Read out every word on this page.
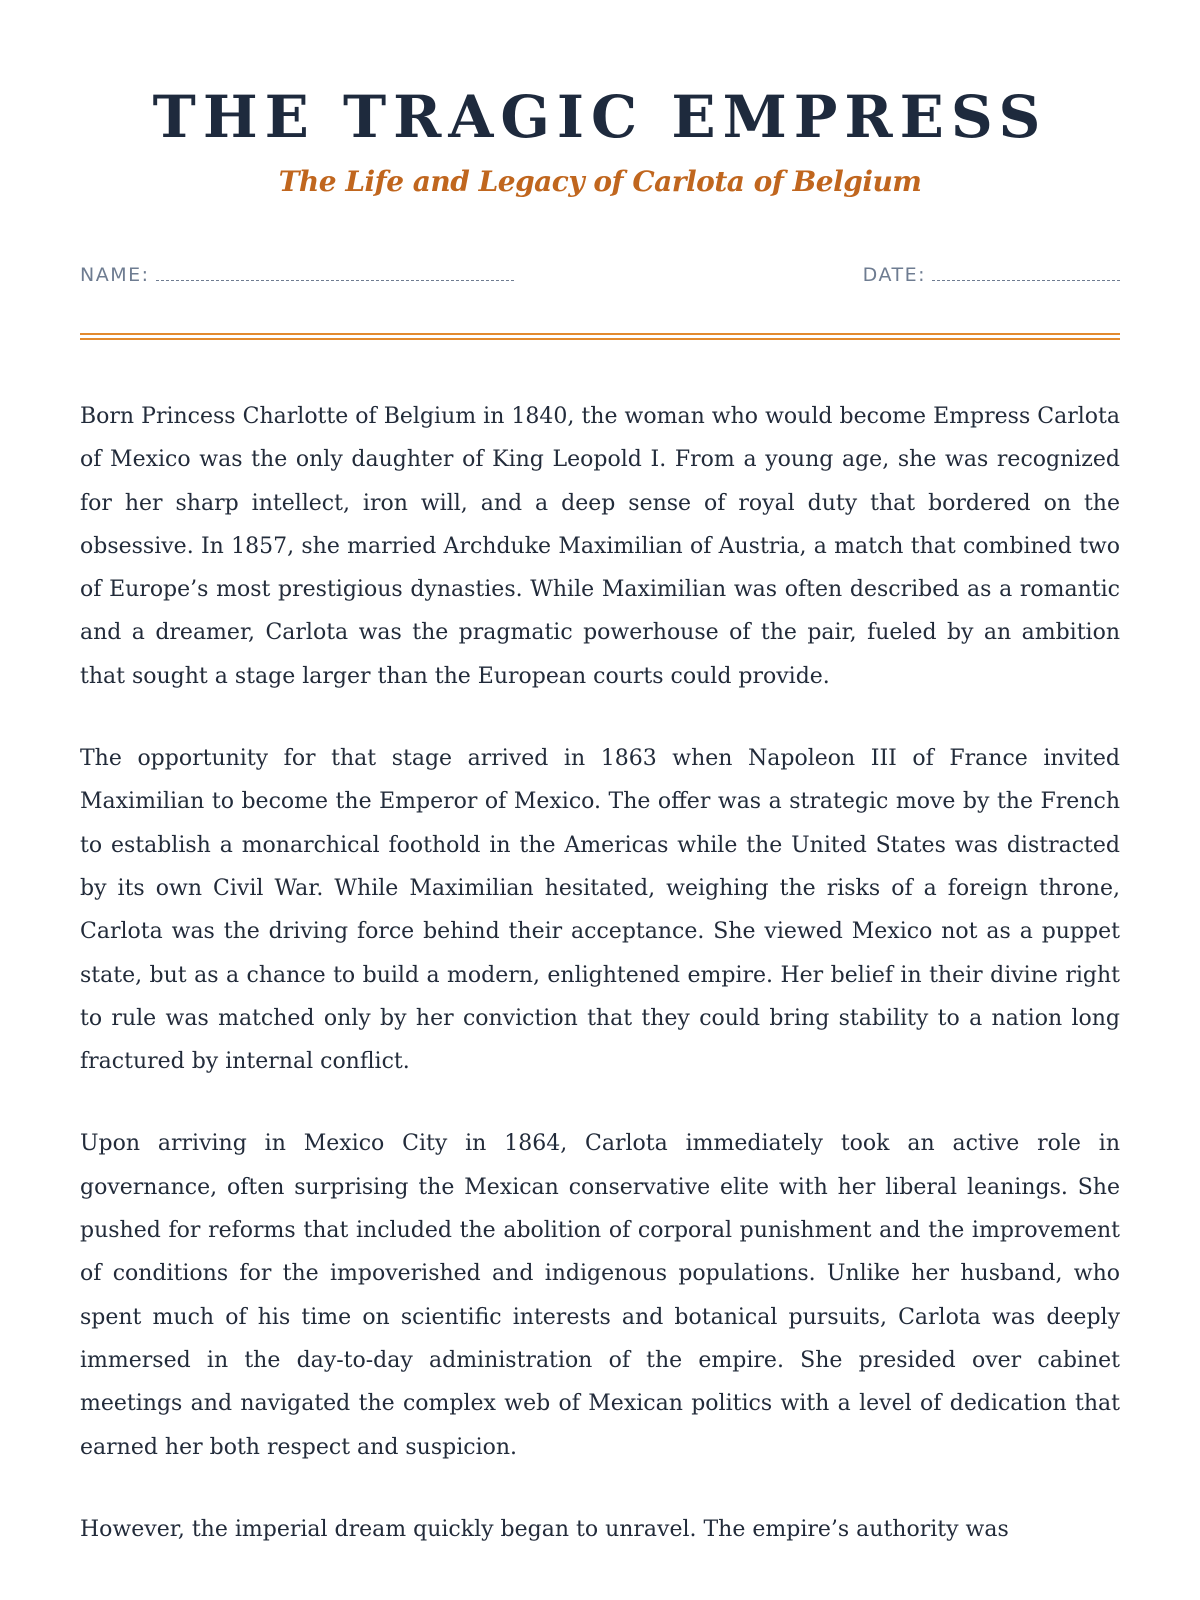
THE TRAGIC EMPRESS
The Life and Legacy of Carlota of Belgium
NAME:	DATE:

Born Princess Charlotte of Belgium in 1840, the woman who would become Empress Carlota of Mexico was the only daughter of King Leopold I. From a young age, she was recognized for her sharp intellect, iron will, and a deep sense of royal duty that bordered on the obsessive. In 1857, she married Archduke Maximilian of Austria, a match that combined two of Europe’s most prestigious dynasties. While Maximilian was often described as a romantic and a dreamer, Carlota was the pragmatic powerhouse of the pair, fueled by an ambition that sought a stage larger than the European courts could provide.

The opportunity for that stage arrived in 1863 when Napoleon III of France invited Maximilian to become the Emperor of Mexico. The offer was a strategic move by the French to establish a monarchical foothold in the Americas while the United States was distracted by its own Civil War. While Maximilian hesitated, weighing the risks of a foreign throne, Carlota was the driving force behind their acceptance. She viewed Mexico not as a puppet state, but as a chance to build a modern, enlightened empire. Her belief in their divine right to rule was matched only by her conviction that they could bring stability to a nation long fractured by internal conflict.

Upon arriving in Mexico City in 1864, Carlota immediately took an active role in governance, often surprising the Mexican conservative elite with her liberal leanings. She pushed for reforms that included the abolition of corporal punishment and the improvement of conditions for the impoverished and indigenous populations. Unlike her husband, who spent much of his time on scientific interests and botanical pursuits, Carlota was deeply immersed in the day-to-day administration of the empire. She presided over cabinet meetings and navigated the complex web of Mexican politics with a level of dedication that earned her both respect and suspicion.

However, the imperial dream quickly began to unravel. The empire’s authority was
